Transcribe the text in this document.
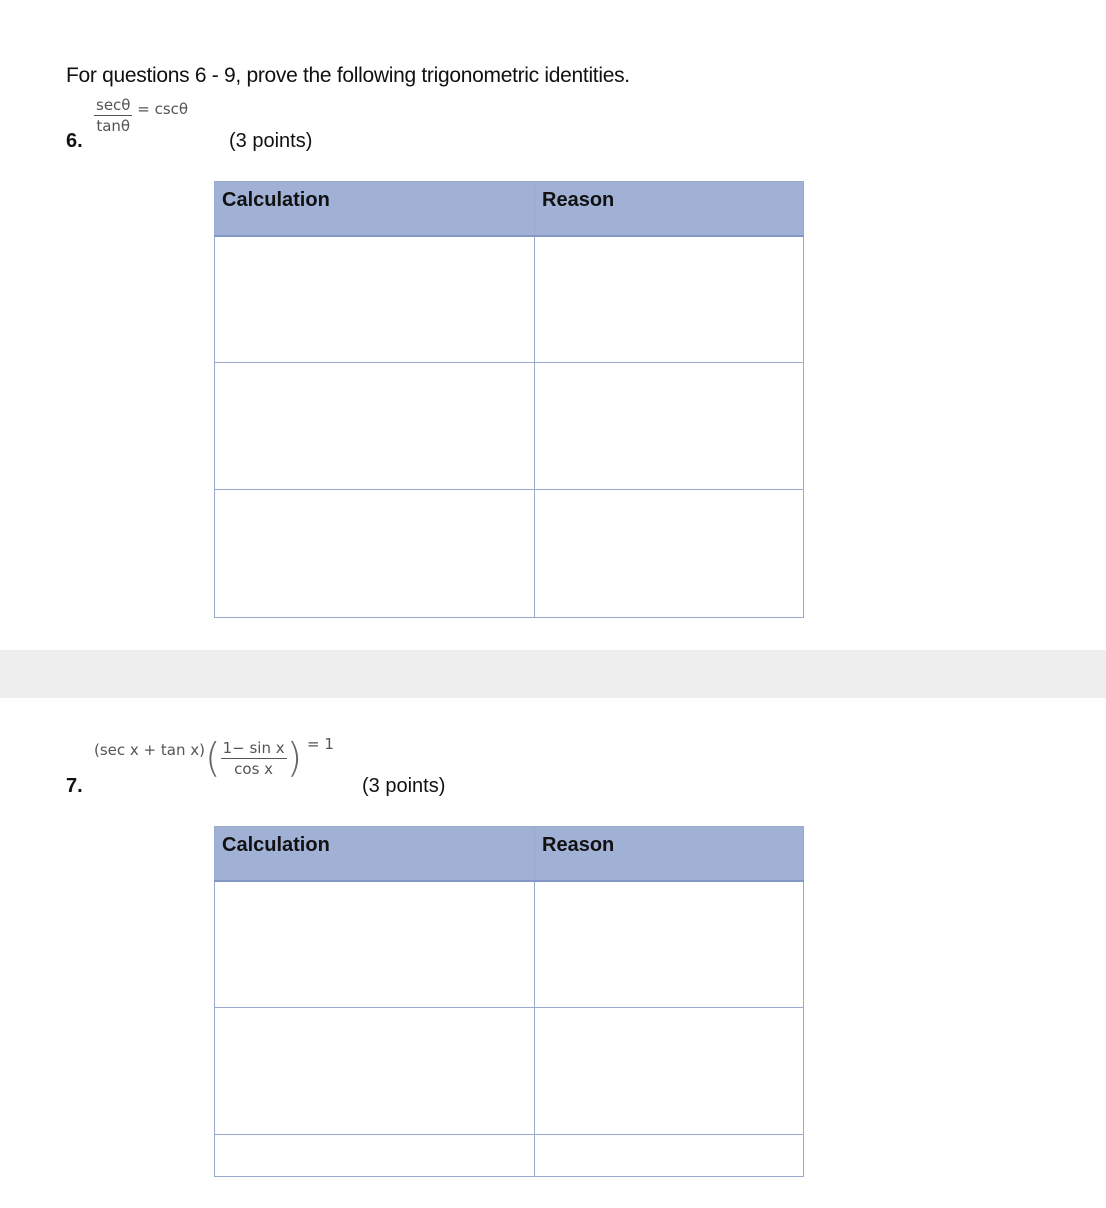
For questions 6 - 9, prove the following trigonometric identities.
6.
$\frac{\sec\theta}{\tan\theta} = \csc\theta$
(3 points)
Calculation	Reason

7.
(sec $x + \tan x)( \frac{\text{1− sin x}}{\text{cos x}}$ ) = 1
(3 points)
Calculation	Reason
